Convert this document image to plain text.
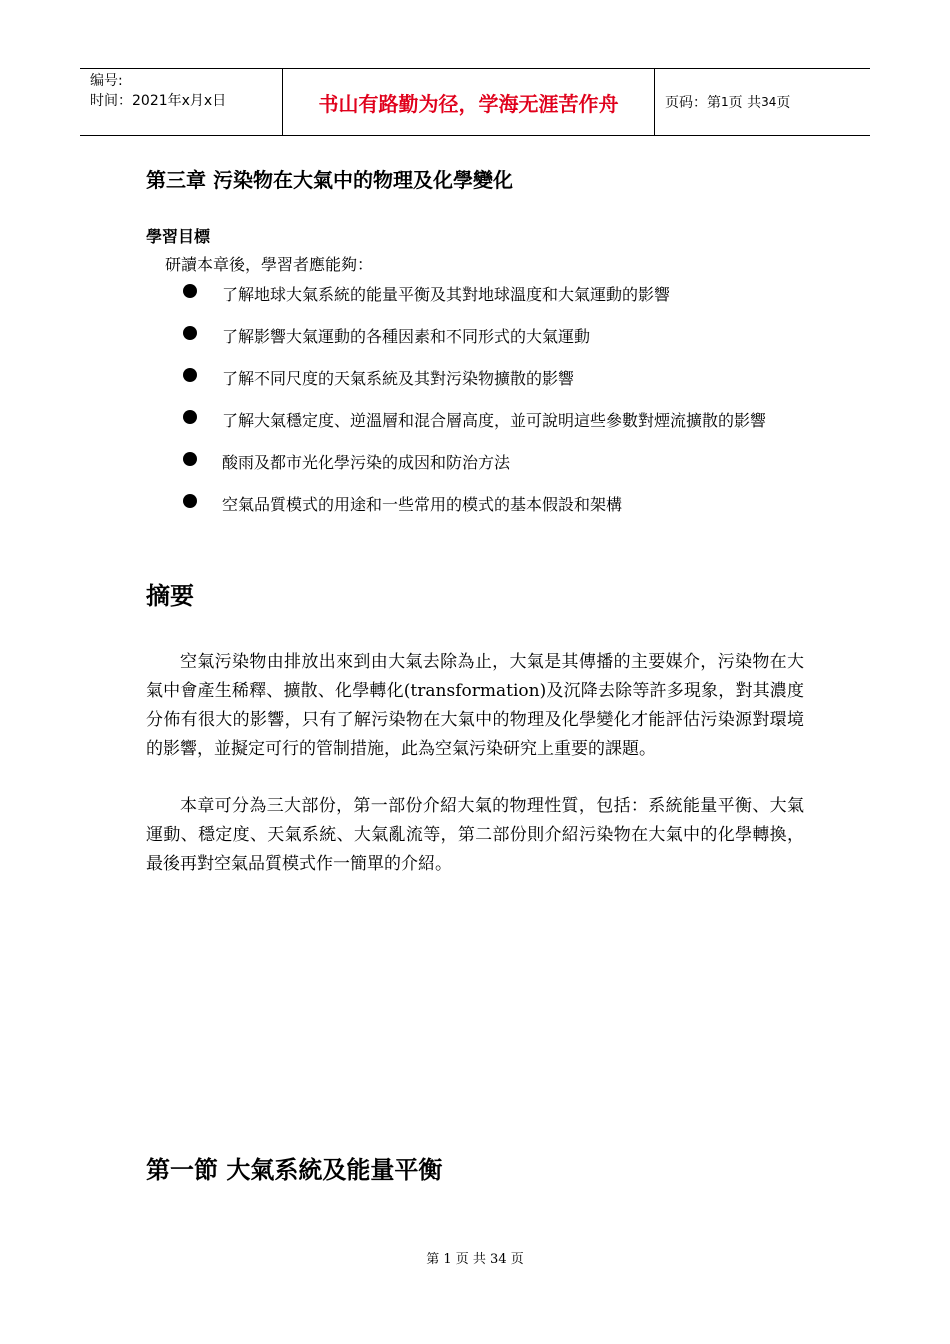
编号:
时间：2021年x月x日	书山有路勤为径，学海无涯苦作舟	页码：第 1 页 共 34 页
第三章 污染物在大氣中的物理及化學變化
學習目標
研讀本章後，學習者應能夠：
了解地球大氣系統的能量平衡及其對地球溫度和大氣運動的影響
了解影響大氣運動的各種因素和不同形式的大氣運動
了解不同尺度的天氣系統及其對污染物擴散的影響
了解大氣穩定度、逆溫層和混合層高度，並可說明這些參數對煙流擴散的影響
酸雨及都市光化學污染的成因和防治方法
空氣品質模式的用途和一些常用的模式的基本假設和架構
摘要
空氣污染物由排放出來到由大氣去除為止，大氣是其傳播的主要媒介，污染物在大氣中會產生稀釋、擴散、化學轉化(transformation)及沉降去除等許多現象，對其濃度分佈有很大的影響，只有了解污染物在大氣中的物理及化學變化才能評估污染源對環境的影響，並擬定可行的管制措施，此為空氣污染研究上重要的課題。
本章可分為三大部份，第一部份介紹大氣的物理性質，包括：系統能量平衡、大氣運動、穩定度、天氣系統、大氣亂流等，第二部份則介紹污染物在大氣中的化學轉換，最後再對空氣品質模式作一簡單的介紹。
第一節 大氣系統及能量平衡
第 1 页 共 34 页
